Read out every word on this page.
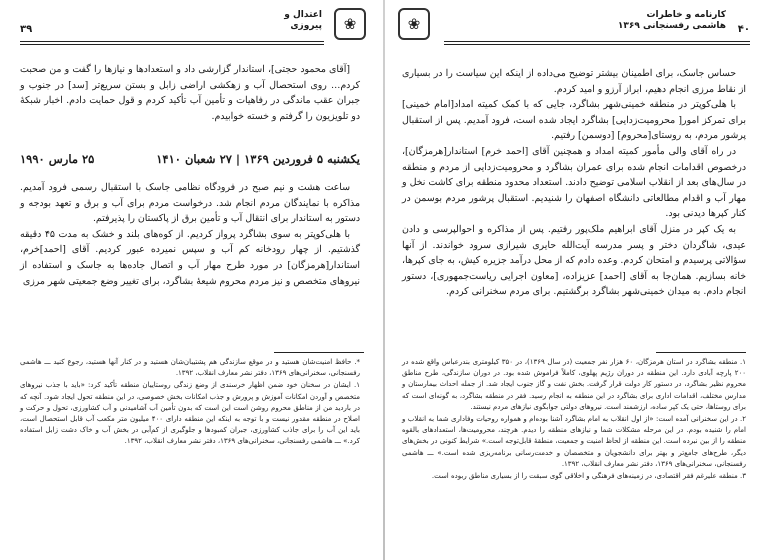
❀
اعتدال و
پیروزی
۳۹

[آقای محمود حجتی]، استاندار گزارشی داد و استعدادها و نیازها را گفت و من صحبت کردم… روی استحصال آب و زهکشی اراضی زابل و بستن سریع‌تر [سد] در جنوب و جبران عقب ماندگی در رفاهیات و تأمین آب تأکید کردم و قول حمایت دادم. اخبار شبکهٔ دو تلویزیون را گرفتم و خسته خوابیدم.

یکشنبه ۵ فروردین ۱۳۶۹ | ۲۷ شعبان ۱۴۱۰
۲۵ مارس ۱۹۹۰

ساعت هشت و نیم صبح در فرودگاه نظامی جاسک با استقبال رسمی فرود آمدیم. مذاکره با نمایندگان مردم انجام شد. درخواست مردم برای آب و برق و تعهد بودجه و دستور به استاندار برای انتقال آب و تأمین برق از پاکستان را پذیرفتم.

با هلی‌کوپتر به سوی بشاگرد پرواز کردیم. از کوه‌های بلند و خشک به مدت ۴۵ دقیقه گذشتیم. از چهار رودخانه کم آب و سپس نمیرده عبور کردیم. آقای [احمد]خرم، استاندار[هرمزگان] در مورد طرح مهار آب و اتصال جاده‌ها به جاسک و استفاده از نیروهای متخصص و نیز مردم محروم شیعهٔ بشاگرد، برای تغییر وضع جمعیتی شهر مرزی

*. حافظ امنیت‌شان هستید و در موقع سازندگی هم پشتیبان‌شان هستید و در کنار آنها هستید، رجوع کنید ـــ هاشمی رفسنجانی، سخنرانی‌های ۱۳۶۹، دفتر نشر معارف انقلاب، ۱۳۹۲.

۱. ایشان در سخنان خود ضمن اظهار خرسندی از وضع زندگی روستاییان منطقه تأکید کرد: «باید با جذب نیروهای متخصص و آوردن امکانات آموزش و پرورش و جذب امکانات بخش خصوصی، در این منطقه تحول ایجاد شود. آنچه که در باردید من از مناطق محروم روشن است این است که بدون تأمین آب آشامیدنی و آب کشاورزی، تحول و حرکت و اصلاح در منطقه مقدور نیست و با توجه به اینکه این منطقه دارای ۴۰۰ میلیون متر مکعب آب قابل استحصال است، باید این آب را برای جاذب کشاورزی، جبران کمبودها و جلوگیری از کم‌آبی در بخش آب و خاک دشت زابل استفاده کرد.» ـــ هاشمی رفسنجانی، سخنرانی‌های ۱۳۶۹، دفتر نشر معارف انقلاب، ۱۳۹۲.

۴۰
کارنامه و خاطرات
هاشمی رفسنجانی ۱۳۶۹
❀

حساس جاسک، برای اطمینان بیشتر توضیح می‌داده از اینکه این سیاست را در بسیاری از نقاط مرزی انجام دهیم، ابراز آرزو و امید کردم.

با هلی‌کوپتر در منطقه خمینی‌شهر بشاگرد، جایی که با کمک کمیته امداد[امام خمینی] برای تمرکز امور[ محرومیت‌زدایی] بشاگرد ایجاد شده است، فرود آمدیم. پس از استقبال پرشور مردم، به روستای[محروم] [دوسمن] رفتیم.

در راه آقای والی مأمور کمیته امداد و همچنین آقای [احمد خرم] استاندار[هرمزگان]، درخصوص اقدامات انجام شده برای عمران بشاگرد و محرومیت‌زدایی از مردم و منطقه در سال‌های بعد از انقلاب اسلامی توضیح دادند. استعداد محدود منطقه برای کاشت نخل و مهار آب و اقدام مطالعاتی دانشگاه اصفهان را شنیدیم. استقبال پرشور مردم بوسمن در کنار کپرها دیدنی بود.

به یک کپر در منزل آقای ابراهیم ملک‌پور رفتیم. پس از مذاکره و احوالپرسی و دادن عیدی، شاگردان دختر و پسر مدرسه آیت‌الله حایری شیرازی سرود خواندند. از آنها سؤالاتی پرسیدم و امتحان کردم. وعده دادم که از محل درآمد جزیره کیش، به جای کپرها، خانه بسازیم. همان‌جا به آقای [احمد] عزیزاده، [معاون اجرایی ریاست‌جمهوری]، دستور انجام دادم. به میدان خمینی‌شهر بشاگرد برگشتیم. برای مردم سخنرانی کردم.

۱. منطقه بشاگرد در استان هرمزگان، ۶۰ هزار نفر جمعیت (در سال ۱۳۶۹)، در ۳۵۰ کیلومتری بندرعباس واقع شده در ۲۰۰ پارچه آبادی دارد. این منطقه در دوران رژیم پهلوی، کاملاً فراموش شده بود. در دوران سازندگی، طرح مناطق محروم نظیر بشاگرد، در دستور کار دولت قرار گرفت. بخش نفت و گاز جنوب ایجاد شد. از جمله احداث بیمارستان و مدارس مختلف، اقدامات اداری برای بشاگرد در این منطقه به انجام رسید. فقر در منطقه بشاگرد، به گونه‌ای است که برای روستاها، حتی یک کپر ساده، ارزشمند است. نیروهای دولتی جوابگوی نیازهای مردم نیستند.

۲. در این سخنرانی آمده است: «از اول انقلاب به امام بشاگرد آشنا بوده‌ام و همواره روحیات وفاداری شما به انقلاب و امام را شنیده بودم. در این مرحله مشکلات شما و نیازهای منطقه را دیدم. هرچند، محرومیت‌ها، استعدادهای بالقوه منطقه را از بین نبرده است. این منطقه از لحاظ امنیت و جمعیت، منطقهٔ قابل‌توجه است.» شرایط کنونی در بخش‌های دیگر، طرح‌های جامع‌تر و بهتر برای دانشجویان و متخصصان و خدمت‌رسانی برنامه‌ریزی شده است.» ـــ هاشمی رفسنجانی، سخنرانی‌های ۱۳۶۹، دفتر نشر معارف انقلاب، ۱۳۹۲.

۳. منطقه علیرغم فقر اقتصادی، در زمینه‌های فرهنگی و اخلاقی گوی سبقت را از بسیاری مناطق ربوده است.
